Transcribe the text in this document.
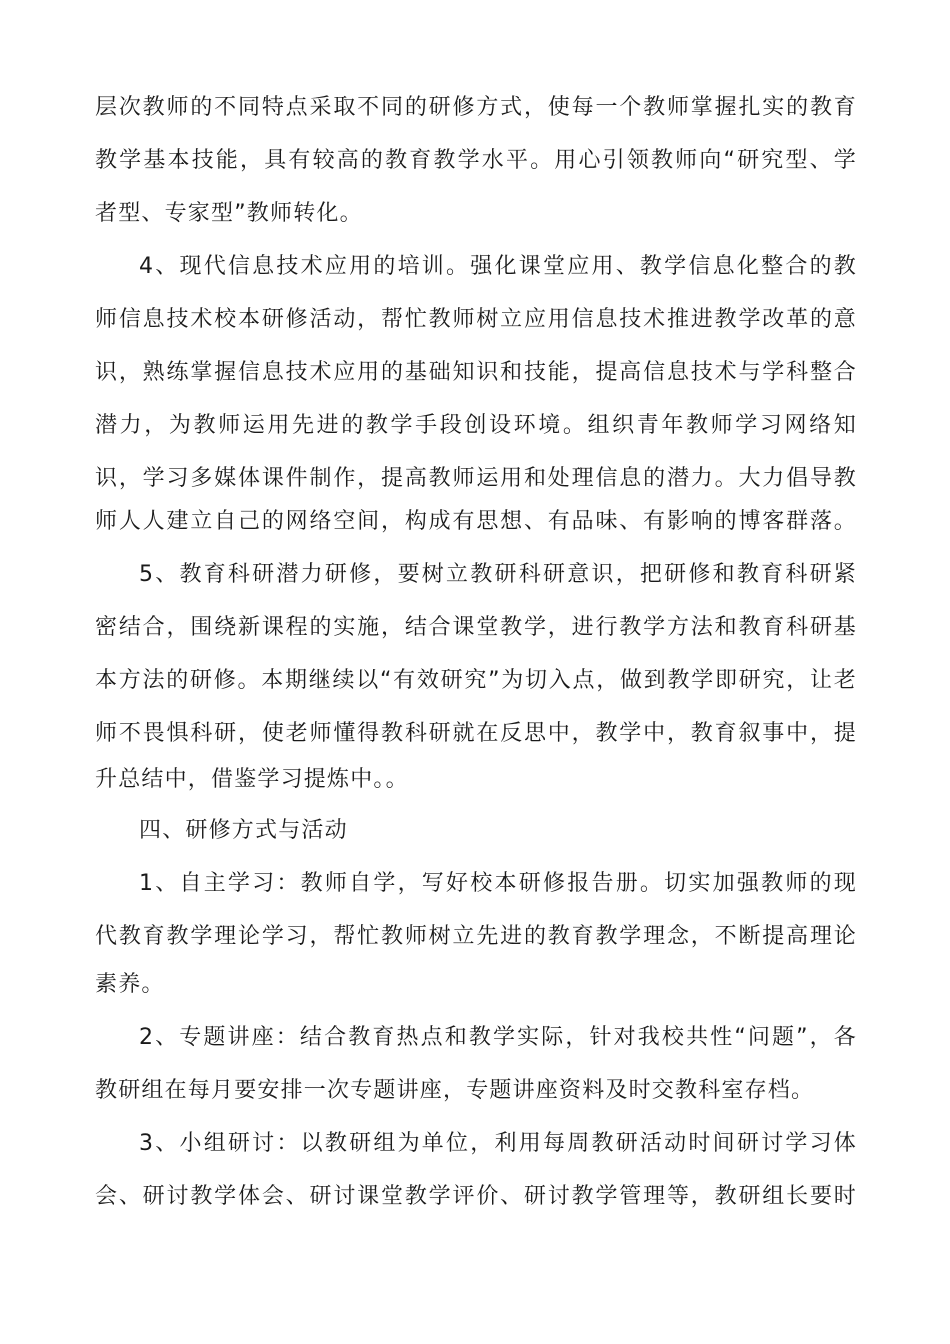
层次教师的不同特点采取不同的研修方式，使每一个教师掌握扎实的教育
教学基本技能，具有较高的教育教学水平。用心引领教师向“研究型、学
者型、专家型”教师转化。
4、现代信息技术应用的培训。强化课堂应用、教学信息化整合的教
师信息技术校本研修活动，帮忙教师树立应用信息技术推进教学改革的意
识，熟练掌握信息技术应用的基础知识和技能，提高信息技术与学科整合
潜力，为教师运用先进的教学手段创设环境。组织青年教师学习网络知
识，学习多媒体课件制作，提高教师运用和处理信息的潜力。大力倡导教
师人人建立自己的网络空间，构成有思想、有品味、有影响的博客群落。
5、教育科研潜力研修，要树立教研科研意识，把研修和教育科研紧
密结合，围绕新课程的实施，结合课堂教学，进行教学方法和教育科研基
本方法的研修。本期继续以“有效研究”为切入点，做到教学即研究，让老
师不畏惧科研，使老师懂得教科研就在反思中，教学中，教育叙事中，提
升总结中，借鉴学习提炼中。。
四、研修方式与活动
1、自主学习：教师自学，写好校本研修报告册。切实加强教师的现
代教育教学理论学习，帮忙教师树立先进的教育教学理念，不断提高理论
素养。
2、专题讲座：结合教育热点和教学实际，针对我校共性“问题”，各
教研组在每月要安排一次专题讲座，专题讲座资料及时交教科室存档。
3、小组研讨：以教研组为单位，利用每周教研活动时间研讨学习体
会、研讨教学体会、研讨课堂教学评价、研讨教学管理等，教研组长要时
